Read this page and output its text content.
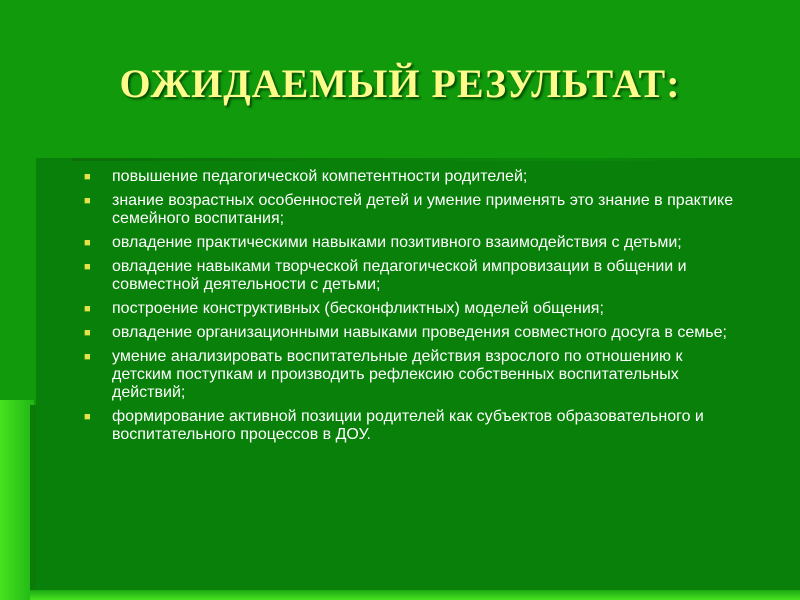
ОЖИДАЕМЫЙ РЕЗУЛЬТАТ:
■ повышение педагогической компетентности родителей;
■ знание возрастных особенностей детей и умение применять это знание в практике семейного воспитания;
■ овладение практическими навыками позитивного взаимодействия с детьми;
■ овладение навыками творческой педагогической импровизации в общении и совместной деятельности с детьми;
■ построение конструктивных (бесконфликтных) моделей общения;
■ овладение организационными навыками проведения совместного досуга в семье;
■ умение анализировать воспитательные действия взрослого по отношению к детским поступкам и производить рефлексию собственных воспитательных действий;
■ формирование активной позиции родителей как субъектов образовательного и воспитательного процессов в ДОУ.
